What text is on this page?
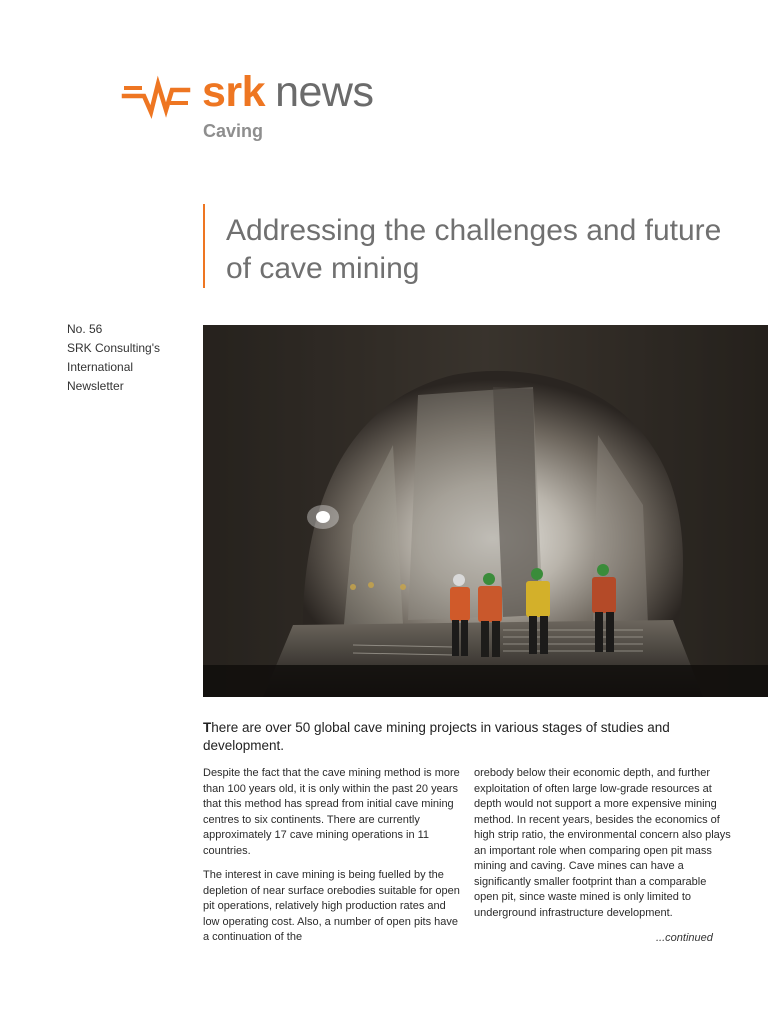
srk news
Caving
Addressing the challenges and future of cave mining
No. 56
SRK Consulting's
International
Newsletter
Infrastructure development at Oyu Tolgoi

There are over 50 global cave mining projects in various stages of studies and development.

Despite the fact that the cave mining method is more than 100 years old, it is only within the past 20 years that this method has spread from initial cave mining centres to six continents. There are currently approximately 17 cave mining operations in 11 countries.

The interest in cave mining is being fuelled by the depletion of near surface orebodies suitable for open pit operations, relatively high production rates and low operating cost. Also, a number of open pits have a continuation of the

orebody below their economic depth, and further exploitation of often large low-grade resources at depth would not support a more expensive mining method. In recent years, besides the economics of high strip ratio, the environmental concern also plays an important role when comparing open pit mass mining and caving. Cave mines can have a significantly smaller footprint than a comparable open pit, since waste mined is only limited to underground infrastructure development.

...continued
